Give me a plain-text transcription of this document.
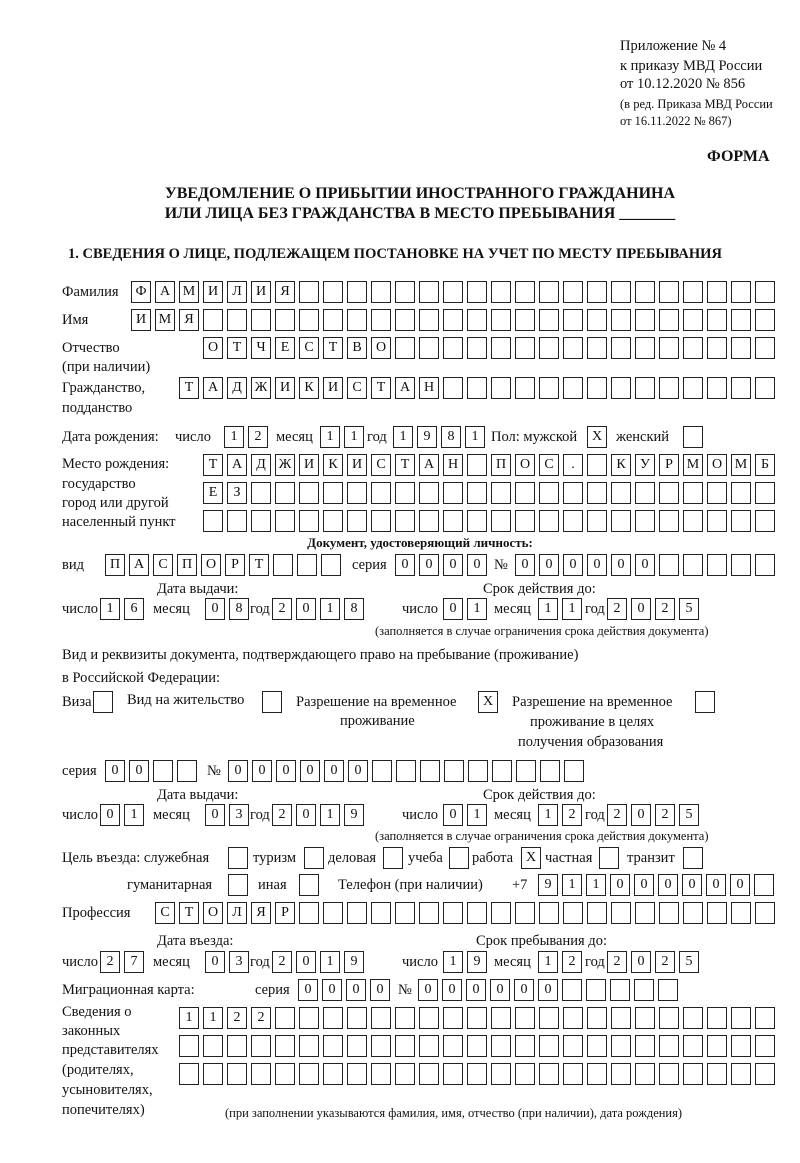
Приложение № 4
к приказу МВД России
от 10.12.2020 № 856
(в ред. Приказа МВД России
от 16.11.2022 № 867)
ФОРМА
УВЕДОМЛЕНИЕ О ПРИБЫТИИ ИНОСТРАННОГО ГРАЖДАНИНА
ИЛИ ЛИЦА БЕЗ ГРАЖДАНСТВА В МЕСТО ПРЕБЫВАНИЯ _______
1. СВЕДЕНИЯ О ЛИЦЕ, ПОДЛЕЖАЩЕМ ПОСТАНОВКЕ НА УЧЕТ ПО МЕСТУ ПРЕБЫВАНИЯ
Фамилия	Ф А М И	Л	И	Я
Имя	И М Я
Отчество
(при наличии)
О	Т	Ч	Е	С	Т	В	О
Гражданство,
подданство
Т	А	Д Ж И	К	И	С	Т	А Н
Дата рождения: число	1	2	месяц 1	1 год 1	9	8	1 Пол: мужской	X женский
Место рождения:
государство
город или другой
населенный пункт
Т	А	Д Ж И	К	И	С	Т	А Н	П О	С	.	К	У	Р М О М Б
Е	З
Документ, удостоверяющий личность:
вид	П А	С	П О	Р	Т	серия	0	0	0	0 № 0	0	0	0	0	0
Дата выдачи:	Срок действия до:
число 1	6	месяц	0	8 год 2	0	1	8	число 0	1 месяц 1	1 год 2	0	2	5
(заполняется в случае ограничения срока действия документа)
Вид и реквизиты документа, подтверждающего право на пребывание (проживание)
в Российской Федерации:
Виза Вид на жительство	Разрешение на временное
проживание
X	Разрешение на временное
проживание в целях
получения образования
серия	0	0	№ 0	0	0	0	0	0
Дата выдачи:	Срок действия до:
число 0	1	месяц	0	3 год 2	0	1	9	число 0	1 месяц 1	2 год 2	0	2	5
(заполняется в случае ограничения срока действия документа)
Цель въезда: служебная	туризм деловая учеба работа X частная транзит
гуманитарная	иная	Телефон (при наличии) +7	9	1	1	0	0	0	0	0	0
Профессия	С	Т	О	Л	Я	Р
Дата въезда:	Срок пребывания до:
число 2	7	месяц	0	3 год 2	0	1	9	число 1	9 месяц 1	2 год 2	0	2	5
Миграционная карта:	серия	0	0	0	0	№ 0	0	0	0	0	0
Сведения о
законных
представителях
(родителях,
усыновителях,
попечителях)
1	1	2	2
(при заполнении указываются фамилия, имя, отчество (при наличии), дата рождения)
